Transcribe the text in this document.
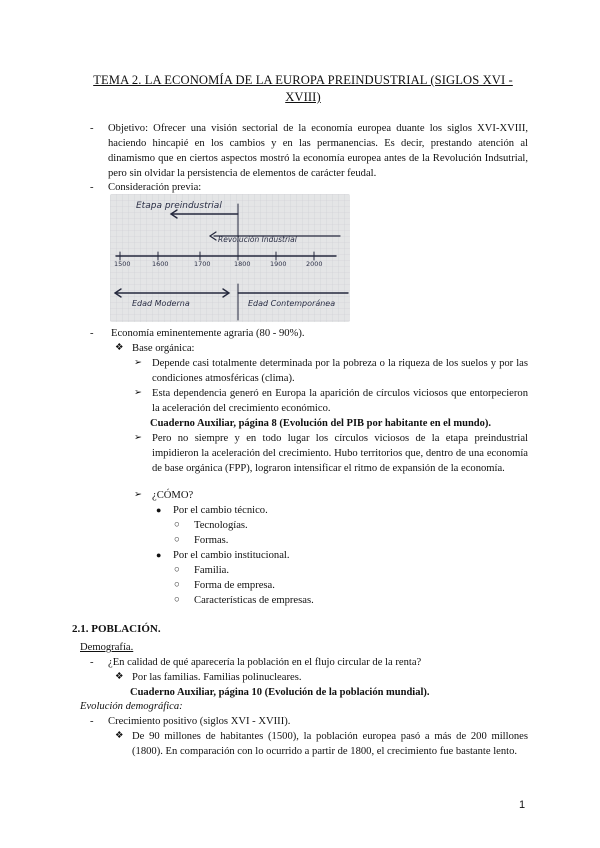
TEMA 2. LA ECONOMÍA DE LA EUROPA PREINDUSTRIAL (SIGLOS XVI - XVIII)
- Objetivo: Ofrecer una visión sectorial de la economía europea duante los siglos XVI-XVIII, haciendo hincapié en los cambios y en las permanencias. Es decir, prestando atención al dinamismo que en ciertos aspectos mostró la economía europea antes de la Revolución Indsutrial, pero sin olvidar la persistencia de elementos de carácter feudal.
- Consideración previa:
Etapa preindustrial
Revolución Industrial
1500	1600	1700	1800	1900	2000
Edad Moderna	Edad Contemporánea
- Economía eminentemente agraria (80 - 90%).
❖ Base orgánica:
➢ Depende casi totalmente determinada por la pobreza o la riqueza de los suelos y por las condiciones atmosféricas (clima).
➢ Esta dependencia generó en Europa la aparición de círculos viciosos que entorpecieron la aceleración del crecimiento económico.
Cuaderno Auxiliar, página 8 (Evolución del PIB por habitante en el mundo).
➢ Pero no siempre y en todo lugar los círculos viciosos de la etapa preindustrial impidieron la aceleración del crecimiento. Hubo territorios que, dentro de una economía de base orgánica (FPP), lograron intensificar el ritmo de expansión de la economía.
➢ ¿CÓMO?
● Por el cambio técnico.
○ Tecnologías.
○ Formas.
● Por el cambio institucional.
○ Familia.
○ Forma de empresa.
○ Características de empresas.
2.1. POBLACIÓN.
Demografía.
- ¿En calidad de qué aparecería la población en el flujo circular de la renta?
❖ Por las familias. Familias polinucleares.
Cuaderno Auxiliar, página 10 (Evolución de la población mundial).
Evolución demográfica:
- Crecimiento positivo (siglos XVI - XVIII).
❖ De 90 millones de habitantes (1500), la población europea pasó a más de 200 millones (1800). En comparación con lo ocurrido a partir de 1800, el crecimiento fue bastante lento.
1
